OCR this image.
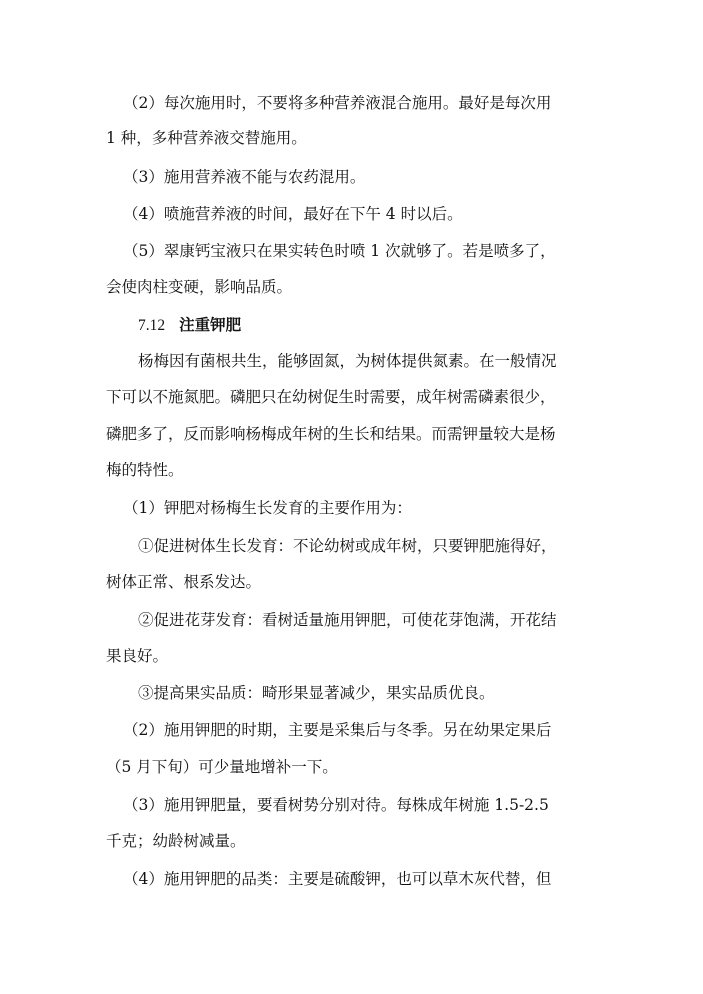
（2）每次施用时，不要将多种营养液混合施用。最好是每次用
1 种，多种营养液交替施用。
（3）施用营养液不能与农药混用。
（4）喷施营养液的时间，最好在下午 4 时以后。
（5）翠康钙宝液只在果实转色时喷 1 次就够了。若是喷多了，
会使肉柱变硬，影响品质。
7.12 注重钾肥
杨梅因有菌根共生，能够固氮，为树体提供氮素。在一般情况
下可以不施氮肥。磷肥只在幼树促生时需要，成年树需磷素很少，
磷肥多了，反而影响杨梅成年树的生长和结果。而需钾量较大是杨
梅的特性。
（1）钾肥对杨梅生长发育的主要作用为：
①促进树体生长发育：不论幼树或成年树，只要钾肥施得好，
树体正常、根系发达。
②促进花芽发育：看树适量施用钾肥，可使花芽饱满，开花结
果良好。
③提高果实品质：畸形果显著减少，果实品质优良。
（2）施用钾肥的时期，主要是采集后与冬季。另在幼果定果后
（5 月下旬）可少量地增补一下。
（3）施用钾肥量，要看树势分别对待。每株成年树施 1.5-2.5
千克；幼龄树减量。
（4）施用钾肥的品类：主要是硫酸钾，也可以草木灰代替，但
